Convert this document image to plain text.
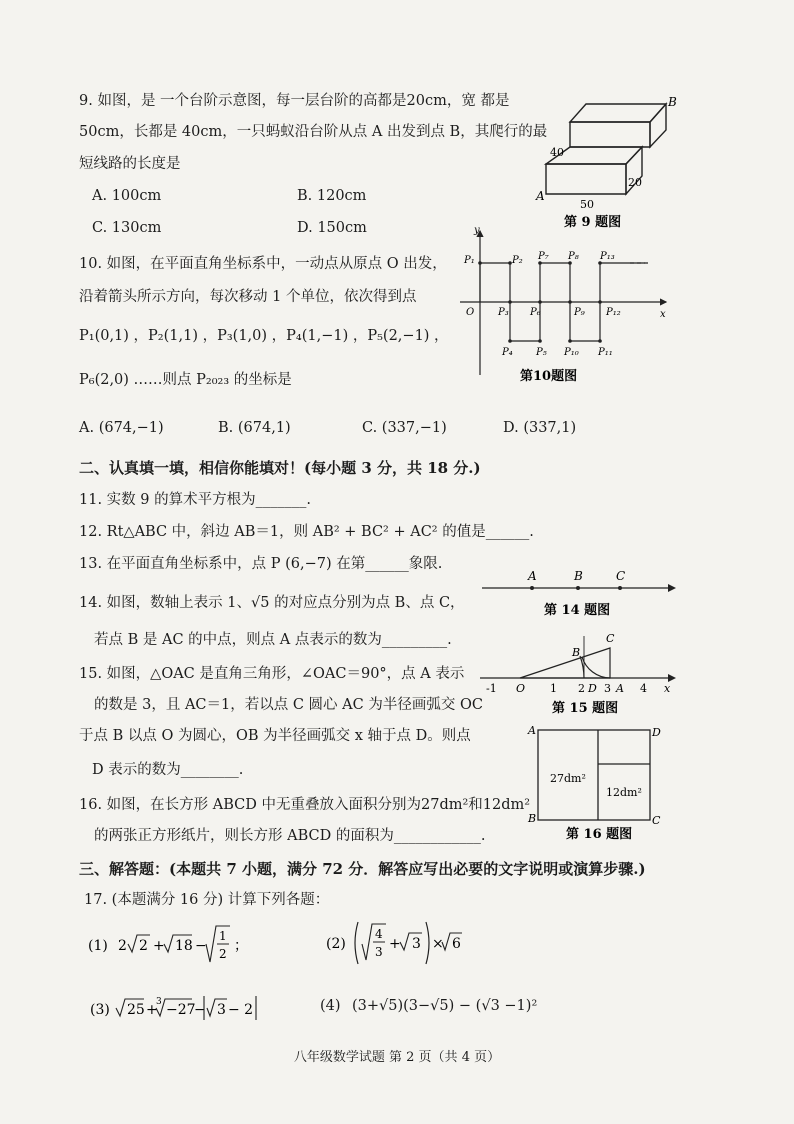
9. 如图，是 一个台阶示意图，每一层台阶的高都是20cm，宽 都是
50cm，长都是 40cm，一只蚂蚁沿台阶从点 A 出发到点 B，其爬行的最
短线路的长度是
A. 100cm	B. 120cm
C. 130cm	D. 150cm
B
A
40
20
50
第 9 题图
10. 如图，在平面直角坐标系中，一动点从原点 O 出发，
沿着箭头所示方向，每次移动 1 个单位，依次得到点
P₁(0,1) ，P₂(1,1) ，P₃(1,0) ，P₄(1,−1) ，P₅(2,−1) ，
P₆(2,0) ……则点 P₂₀₂₃ 的坐标是
A. (674,−1)	B. (674,1)	C. (337,−1)	D. (337,1)
y
x
O
P₁	P₂
P₃
P₄ P₅
P₆
P₇ P₈
P₉
P₁₀ P₁₁
P₁₂
P₁₃
第10题图
二、认真填一填，相信你能填对！(每小题 3 分，共 18 分.)
11. 实数 9 的算术平方根为_______.
12. Rt△ABC 中，斜边 AB＝1，则 AB² + BC² + AC² 的值是______.
13. 在平面直角坐标系中，点 P (6,−7) 在第______象限.
14. 如图，数轴上表示 1、√5 的对应点分别为点 B、点 C，
若点 B 是 AC 的中点，则点 A 点表示的数为_________.
A	B	C
第 14 题图
15. 如图，△OAC 是直角三角形，∠OAC＝90°，点 A 表示
的数是 3，且 AC＝1，若以点 C 圆心 AC 为半径画弧交 OC
于点 B 以点 O 为圆心，OB 为半径画弧交 x 轴于点 D。则点
D 表示的数为________.
C
B
-1 O 1 2 D 3 A 4 x
第 15 题图
16. 如图，在长方形 ABCD 中无重叠放入面积分别为27dm²和12dm²
的两张正方形纸片，则长方形 ABCD 的面积为____________.
A	D
B	C
27dm²
12dm²
第 16 题图
三、解答题：(本题共 7 小题，满分 72 分．解答应写出必要的文字说明或演算步骤.)
17. (本题满分 16 分) 计算下列各题：
(1) 2 2 + 18 −
1
2 ；	(2)
4
3 + 3 × 6
(3) 25 +
3 −27
− 3 − 2	(4) (3+√5)(3−√5) − (√3 −1)²
八年级数学试题 第 2 页（共 4 页）
